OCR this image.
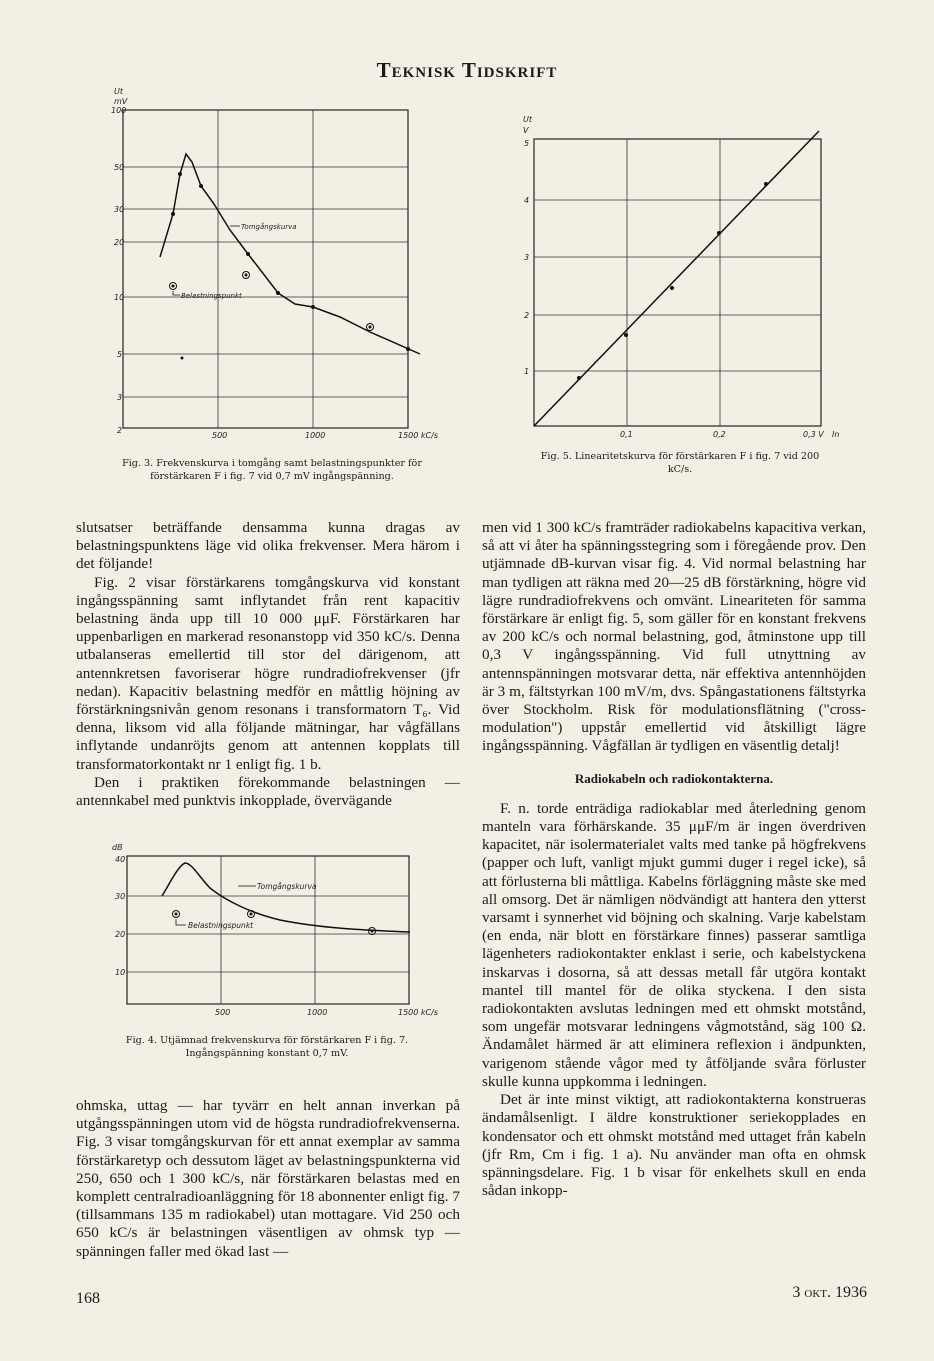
Teknisk Tidskrift
Ut
mV
100
50
30
20
10
5
3
2
500	1000	1500 kC/s
Tomgångskurva
Belastningspunkt
Fig. 3. Frekvenskurva i tomgång samt belastningspunkter för förstärkaren F i fig. 7 vid 0,7 mV ingångspänning.
Ut
V
5
4
3
2
1
0,1	0,2	0,3 V In
Fig. 5. Linearitetskurva för förstärkaren F i fig. 7 vid 200 kC/s.

slutsatser beträffande densamma kunna dragas av belastningspunktens läge vid olika frekvenser. Mera härom i det följande!

Fig. 2 visar förstärkarens tomgångskurva vid konstant ingångsspänning samt inflytandet från rent kapacitiv belastning ända upp till 10 000 μμF. Förstärkaren har uppenbarligen en markerad resonanstopp vid 350 kC/s. Denna utbalanseras emellertid till stor del därigenom, att antennkretsen favoriserar högre rundradiofrekvenser (jfr nedan). Kapacitiv belastning medför en måttlig höjning av förstärkningsnivån genom resonans i transformatorn T₆. Vid denna, liksom vid alla följande mätningar, har vågfällans inflytande undanröjts genom att antennen kopplats till transformatorkontakt nr 1 enligt fig. 1 b.

Den i praktiken förekommande belastningen — antennkabel med punktvis inkopplade, övervägande

dB
40
30
20
10
500	1000	1500 kC/s
Tomgångskurva
Belastningspunkt
Fig. 4. Utjämnad frekvenskurva för förstärkaren F i fig. 7. Ingångspänning konstant 0,7 mV.

ohmska, uttag — har tyvärr en helt annan inverkan på utgångsspänningen utom vid de högsta rundradiofrekvenserna. Fig. 3 visar tomgångskurvan för ett annat exemplar av samma förstärkaretyp och dessutom läget av belastningspunkterna vid 250, 650 och 1 300 kC/s, när förstärkaren belastas med en komplett centralradioanläggning för 18 abonnenter enligt fig. 7 (tillsammans 135 m radiokabel) utan mottagare. Vid 250 och 650 kC/s är belastningen väsentligen av ohmsk typ — spänningen faller med ökad last —

men vid 1 300 kC/s framträder radiokabelns kapacitiva verkan, så att vi åter ha spänningsstegring som i föregående prov. Den utjämnade dB-kurvan visar fig. 4. Vid normal belastning har man tydligen att räkna med 20—25 dB förstärkning, högre vid lägre rundradiofrekvens och omvänt. Lineariteten för samma förstärkare är enligt fig. 5, som gäller för en konstant frekvens av 200 kC/s och normal belastning, god, åtminstone upp till 0,3 V ingångsspänning. Vid full utnyttning av antennspänningen motsvarar detta, när effektiva antennhöjden är 3 m, fältstyrkan 100 mV/m, dvs. Spångastationens fältstyrka över Stockholm. Risk för modulationsflätning ("cross-modulation") uppstår emellertid vid åtskilligt lägre ingångsspänning. Vågfällan är tydligen en väsentlig detalj!

Radiokabeln och radiokontakterna.

F. n. torde enträdiga radiokablar med återledning genom manteln vara förhärskande. 35 μμF/m är ingen överdriven kapacitet, när isolermaterialet valts med tanke på högfrekvens (papper och luft, vanligt mjukt gummi duger i regel icke), så att förlusterna bli måttliga. Kabelns förläggning måste ske med all omsorg. Det är nämligen nödvändigt att hantera den ytterst varsamt i synnerhet vid böjning och skalning. Varje kabelstam (en enda, när blott en förstärkare finnes) passerar samtliga lägenheters radiokontakter enklast i serie, och kabelstyckena inskarvas i dosorna, så att dessas metall får utgöra kontakt mantel till mantel för de olika styckena. I den sista radiokontakten avslutas ledningen med ett ohmskt motstånd, som ungefär motsvarar ledningens vågmotstånd, säg 100 Ω. Ändamålet härmed är att eliminera reflexion i ändpunkten, varigenom stående vågor med ty åtföljande svåra förluster skulle kunna uppkomma i ledningen.

Det är inte minst viktigt, att radiokontakterna konstrueras ändamålsenligt. I äldre konstruktioner seriekopplades en kondensator och ett ohmskt motstånd med uttaget från kabeln (jfr Rm, Cm i fig. 1 a). Nu använder man ofta en ohmsk spänningsdelare. Fig. 1 b visar för enkelhets skull en enda sådan inkopp-

168	3 okt. 1936
